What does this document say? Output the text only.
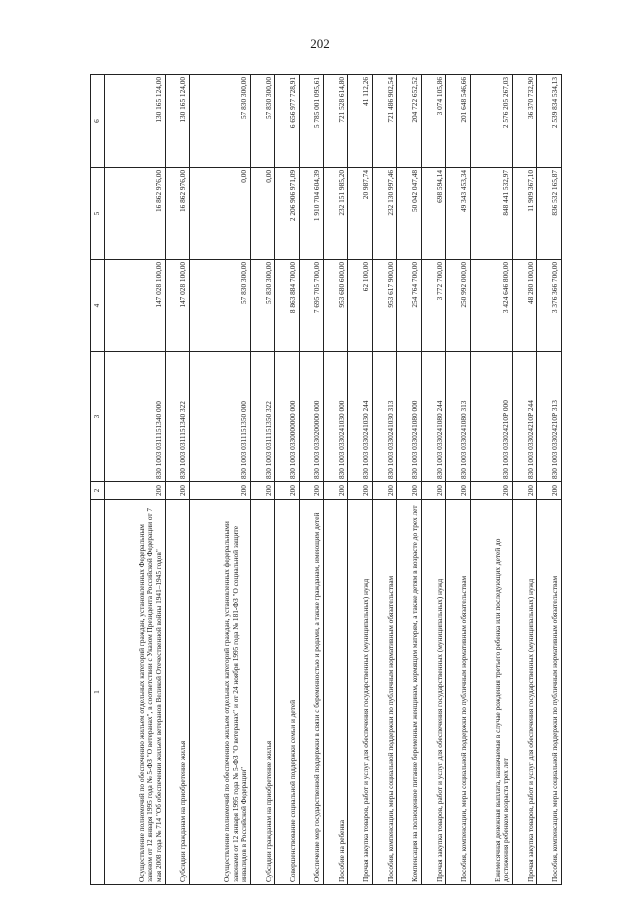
202
1	2	3	4	5	6
Осуществление полномочий по обеспечению жильем отдельных категорий граждан, установленных Федеральным законом от 12 января 1995 года № 5-ФЗ "О ветеранах", в соответствии с Указом Президента Российской Федерации от 7 мая 2008 года № 714 "Об обеспечении жильем ветеранов Великой Отечественной войны 1941–1945 годов"	200	830 1003 0311151340 000	147 028 100,00	16 862 976,00	130 165 124,00
Субсидии гражданам на приобретение жилья	200	830 1003 0311151340 322	147 028 100,00	16 862 976,00	130 165 124,00
Осуществление полномочий по обеспечению жильем отдельных категорий граждан, установленных федеральными законами от 12 января 1995 года № 5-ФЗ "О ветеранах" и от 24 ноября 1995 года № 181-ФЗ "О социальной защите инвалидов в Российской Федерации"	200	830 1003 0311151350 000	57 830 300,00	0,00	57 830 300,00
Субсидии гражданам на приобретение жилья	200	830 1003 0311151350 322	57 830 300,00	0,00	57 830 300,00
Совершенствование социальной поддержки семьи и детей	200	830 1003 0330000000 000	8 863 884 700,00	2 206 906 971,09	6 656 977 728,91
Обеспечение мер государственной поддержки в связи с беременностью и родами, а также гражданам, имеющим детей	200	830 1003 0330200000 000	7 695 705 700,00	1 910 704 604,39	5 785 001 095,61
Пособие на ребенка	200	830 1003 0330241030 000	953 680 600,00	232 151 985,20	721 528 614,80
Прочая закупка товаров, работ и услуг для обеспечения государственных (муниципальных) нужд	200	830 1003 0330241030 244	62 100,00	20 987,74	41 112,26
Пособия, компенсации, меры социальной поддержки по публичным нормативным обязательствам	200	830 1003 0330241030 313	953 617 900,00	232 130 997,46	721 486 902,54
Компенсация на полноценное питание беременным женщинам, кормящим матерям, а также детям в возрасте до трех лет	200	830 1003 0330241080 000	254 764 700,00	50 042 047,48	204 722 652,52
Прочая закупка товаров, работ и услуг для обеспечения государственных (муниципальных) нужд	200	830 1003 0330241080 244	3 772 700,00	698 594,14	3 074 105,86
Пособия, компенсации, меры социальной поддержки по публичным нормативным обязательствам	200	830 1003 0330241080 313	250 992 000,00	49 343 453,34	201 648 546,66
Ежемесячная денежная выплата, назначаемая в случае рождения третьего ребенка или последующих детей до достижения ребенком возраста трех лет	200	830 1003 033024210Р 000	3 424 646 800,00	848 441 532,97	2 576 205 267,03
Прочая закупка товаров, работ и услуг для обеспечения государственных (муниципальных) нужд	200	830 1003 033024210Р 244	48 280 100,00	11 909 367,10	36 370 732,90
Пособия, компенсации, меры социальной поддержки по публичным нормативным обязательствам	200	830 1003 033024210Р 313	3 376 366 700,00	836 532 165,87	2 539 834 534,13
